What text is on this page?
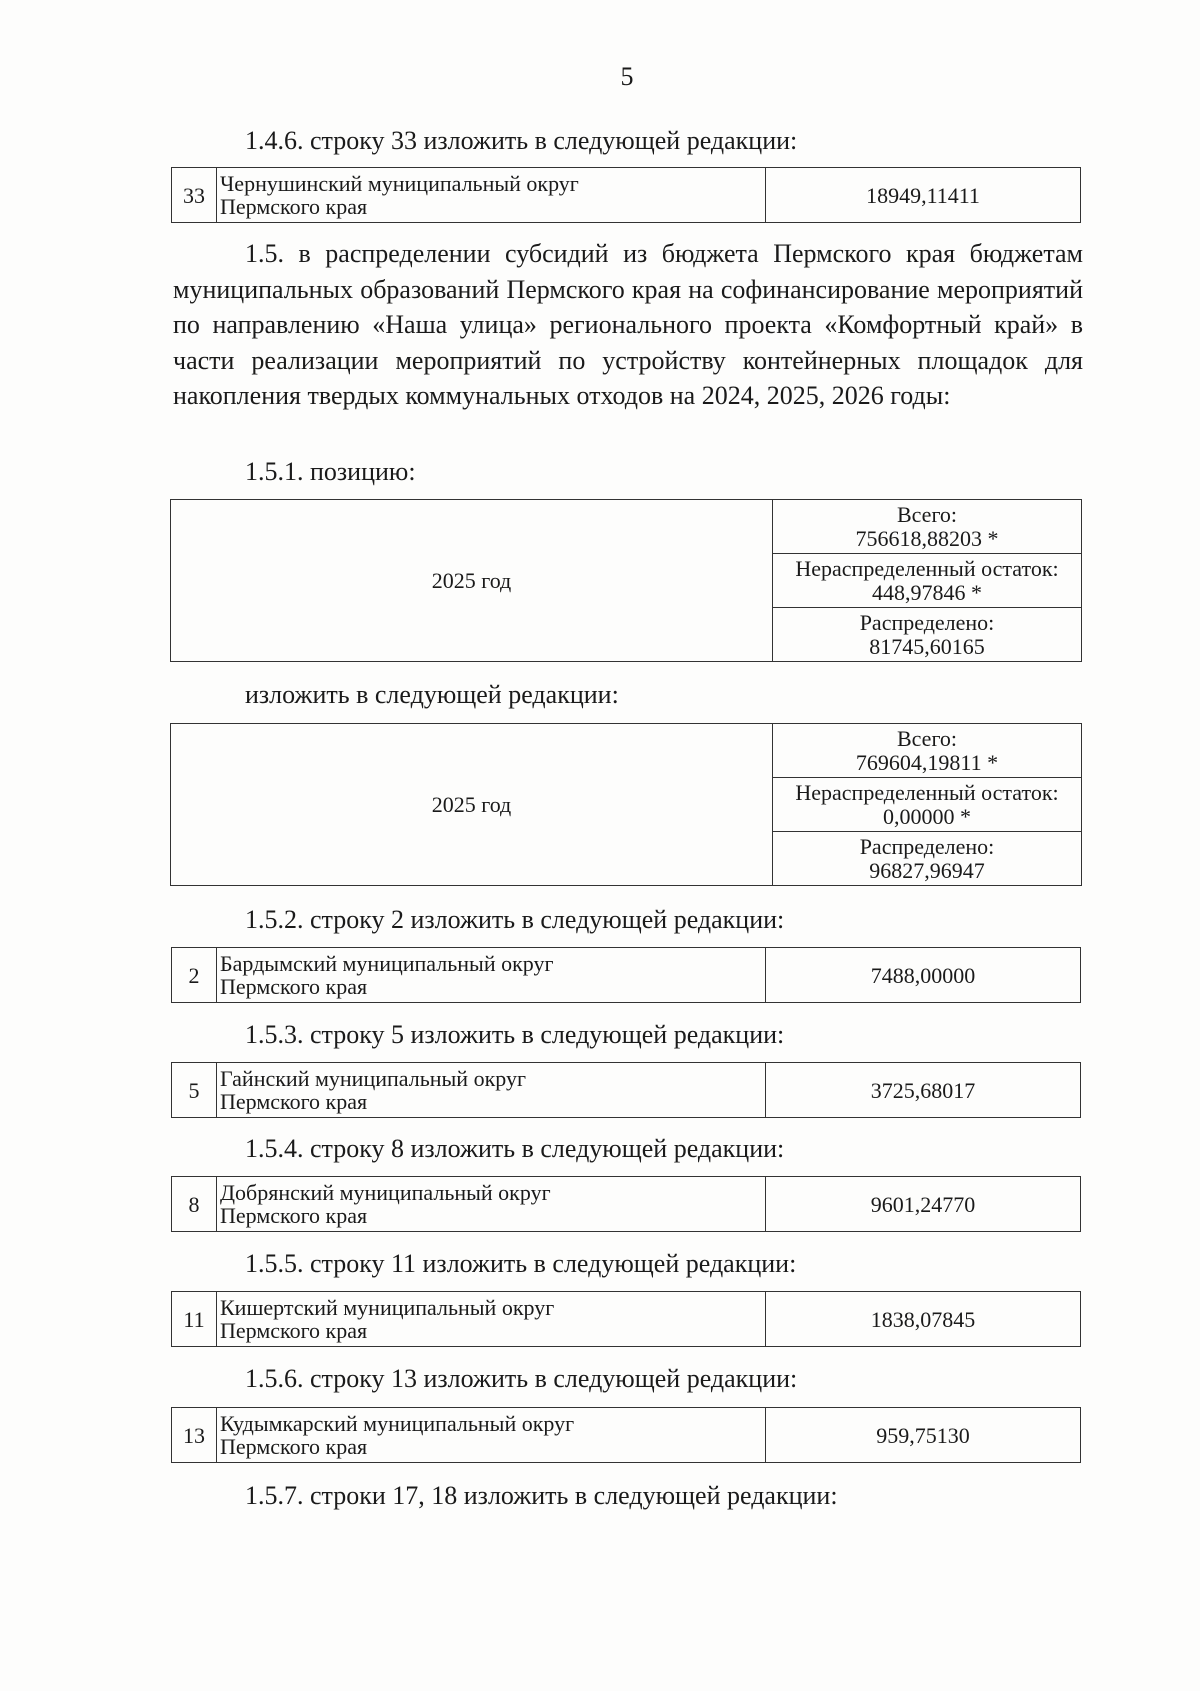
5
1.4.6. строку 33 изложить в следующей редакции:
33	Чернушинский муниципальный округ
Пермского края	18949,11411
1.5. в распределении субсидий из бюджета Пермского края бюджетам муниципальных образований Пермского края на софинансирование мероприятий по направлению «Наша улица» регионального проекта «Комфортный край» в части реализации мероприятий по устройству контейнерных площадок для накопления твердых коммунальных отходов на 2024, 2025, 2026 годы:
1.5.1. позицию:
2025 год	Всего:
756618,88203 *
Нераспределенный остаток:
448,97846 *
Распределено:
81745,60165
изложить в следующей редакции:
2025 год	Всего:
769604,19811 *
Нераспределенный остаток:
0,00000 *
Распределено:
96827,96947
1.5.2. строку 2 изложить в следующей редакции:
2	Бардымский муниципальный округ
Пермского края	7488,00000
1.5.3. строку 5 изложить в следующей редакции:
5	Гайнский муниципальный округ
Пермского края	3725,68017
1.5.4. строку 8 изложить в следующей редакции:
8	Добрянский муниципальный округ
Пермского края	9601,24770
1.5.5. строку 11 изложить в следующей редакции:
11	Кишертский муниципальный округ
Пермского края	1838,07845
1.5.6. строку 13 изложить в следующей редакции:
13	Кудымкарский муниципальный округ
Пермского края	959,75130
1.5.7. строки 17, 18 изложить в следующей редакции:
